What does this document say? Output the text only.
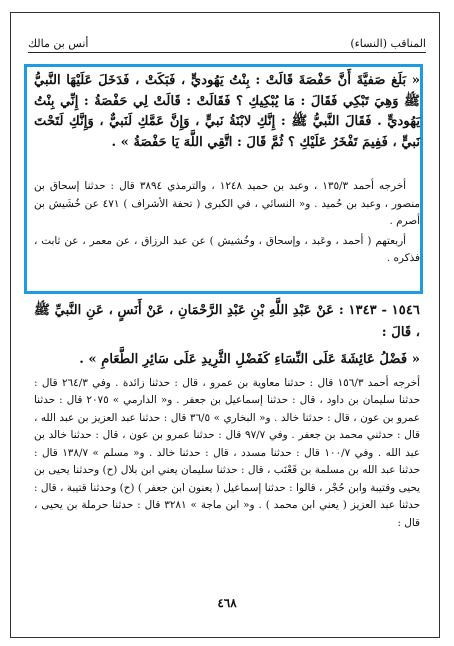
المناقب (النساء)
أنس بن مالك
« بَلَغ صَفيَّةَ أَنَّ حَفْصَةَ قَالَتْ : بِنْتُ يَهُوديٍّ ، فَبَكَتْ ، فَدَخَلَ عَلَيْهَا النَّبيُّ ﷺ وَهِيَ تَبْكِي فَقَالَ : مَا يُبْكِيكِ ؟ فَقَالَتْ : قَالَتْ لِي حَفْصَةُ : إِنِّي بِنْتُ يَهُوديٍّ . فَقَالَ النَّبيُّ ﷺ : إِنَّكِ لابْنَةُ نَبيٍّ ، وَإِنَّ عَمَّكِ لَنَبيٌّ ، وَإِنَّكِ لَتَحْتَ نَبيٍّ ، فَفِيمَ تَفْخَرُ عَلَيْكِ ؟ ثُمَّ قَالَ : اتَّقِي اللَّهَ يَا حَفْصَةُ » .
أخرجه أحمد ١٣٥/٣ ، وعبد بن حميد ١٢٤٨ ، والترمذي ٣٨٩٤ قال : حدثنا إسحاق بن منصور ، وعبد بن حُميد . و« النسائي ، في الكبرى ( تحفة الأشراف ) ٤٧١ عن خُشَيش بن أصرم .
أربعتهم ( أحمد ، وعَبد ، وإسحاق ، وخُشيش ) عن عبد الرزاق ، عن معمر ، عن ثابت ، فذكره .
١٥٤٦ - ١٣٤٣ : عَنْ عَبْدِ اللَّهِ بْنِ عَبْدِ الرَّحْمَانِ ، عَنْ أَنَسٍ ، عَنِ النَّبيِّ ﷺ ، قَالَ :
« فَضْلُ عَائِشَةَ عَلَى النِّسَاءِ كَفَضْلِ الثَّرِيدِ عَلَى سَائِرِ الطَّعَامِ » .
أخرجه أحمد ١٥٦/٣ قال : حدثنا معاوية بن عمرو ، قال : حدثنا زائدة . وفي ٢٦٤/٣ قال : حدثنا سليمان بن داود ، قال : حدثنا إسماعيل بن جعفر . و« الدارمي » ٢٠٧٥ قال : حدثنا عمرو بن عون ، قال : حدثنا خالد . و« البخاري » ٣٦/٥ قال : حدثنا عبد العزيز بن عبد الله ، قال : حدثني محمد بن جعفر . وفي ٩٧/٧ قال : حدثنا عمرو بن عون ، قال : حدثنا خالد بن عبد الله . وفي ١٠٠/٧ قال : حدثنا مسدد ، قال : حدثنا خالد . و« مسلم » ١٣٨/٧ قال : حدثنا عبد الله بن مسلمة بن قَعْنَب ، قال : حدثنا سليمان يعني ابن بلال (ح) وحدثنا يحيى بن يحيى وقتيبة وابن حُجْر ، قالوا : حدثنا إسماعيل ( يعنون ابن جعفر ) (ح) وحدثنا قتيبة ، قال : حدثنا عبد العزيز ( يعني ابن محمد ) . و« ابن ماجة » ٣٢٨١ قال : حدثنا حرملة بن يحيى ، قال :
٤٦٨
